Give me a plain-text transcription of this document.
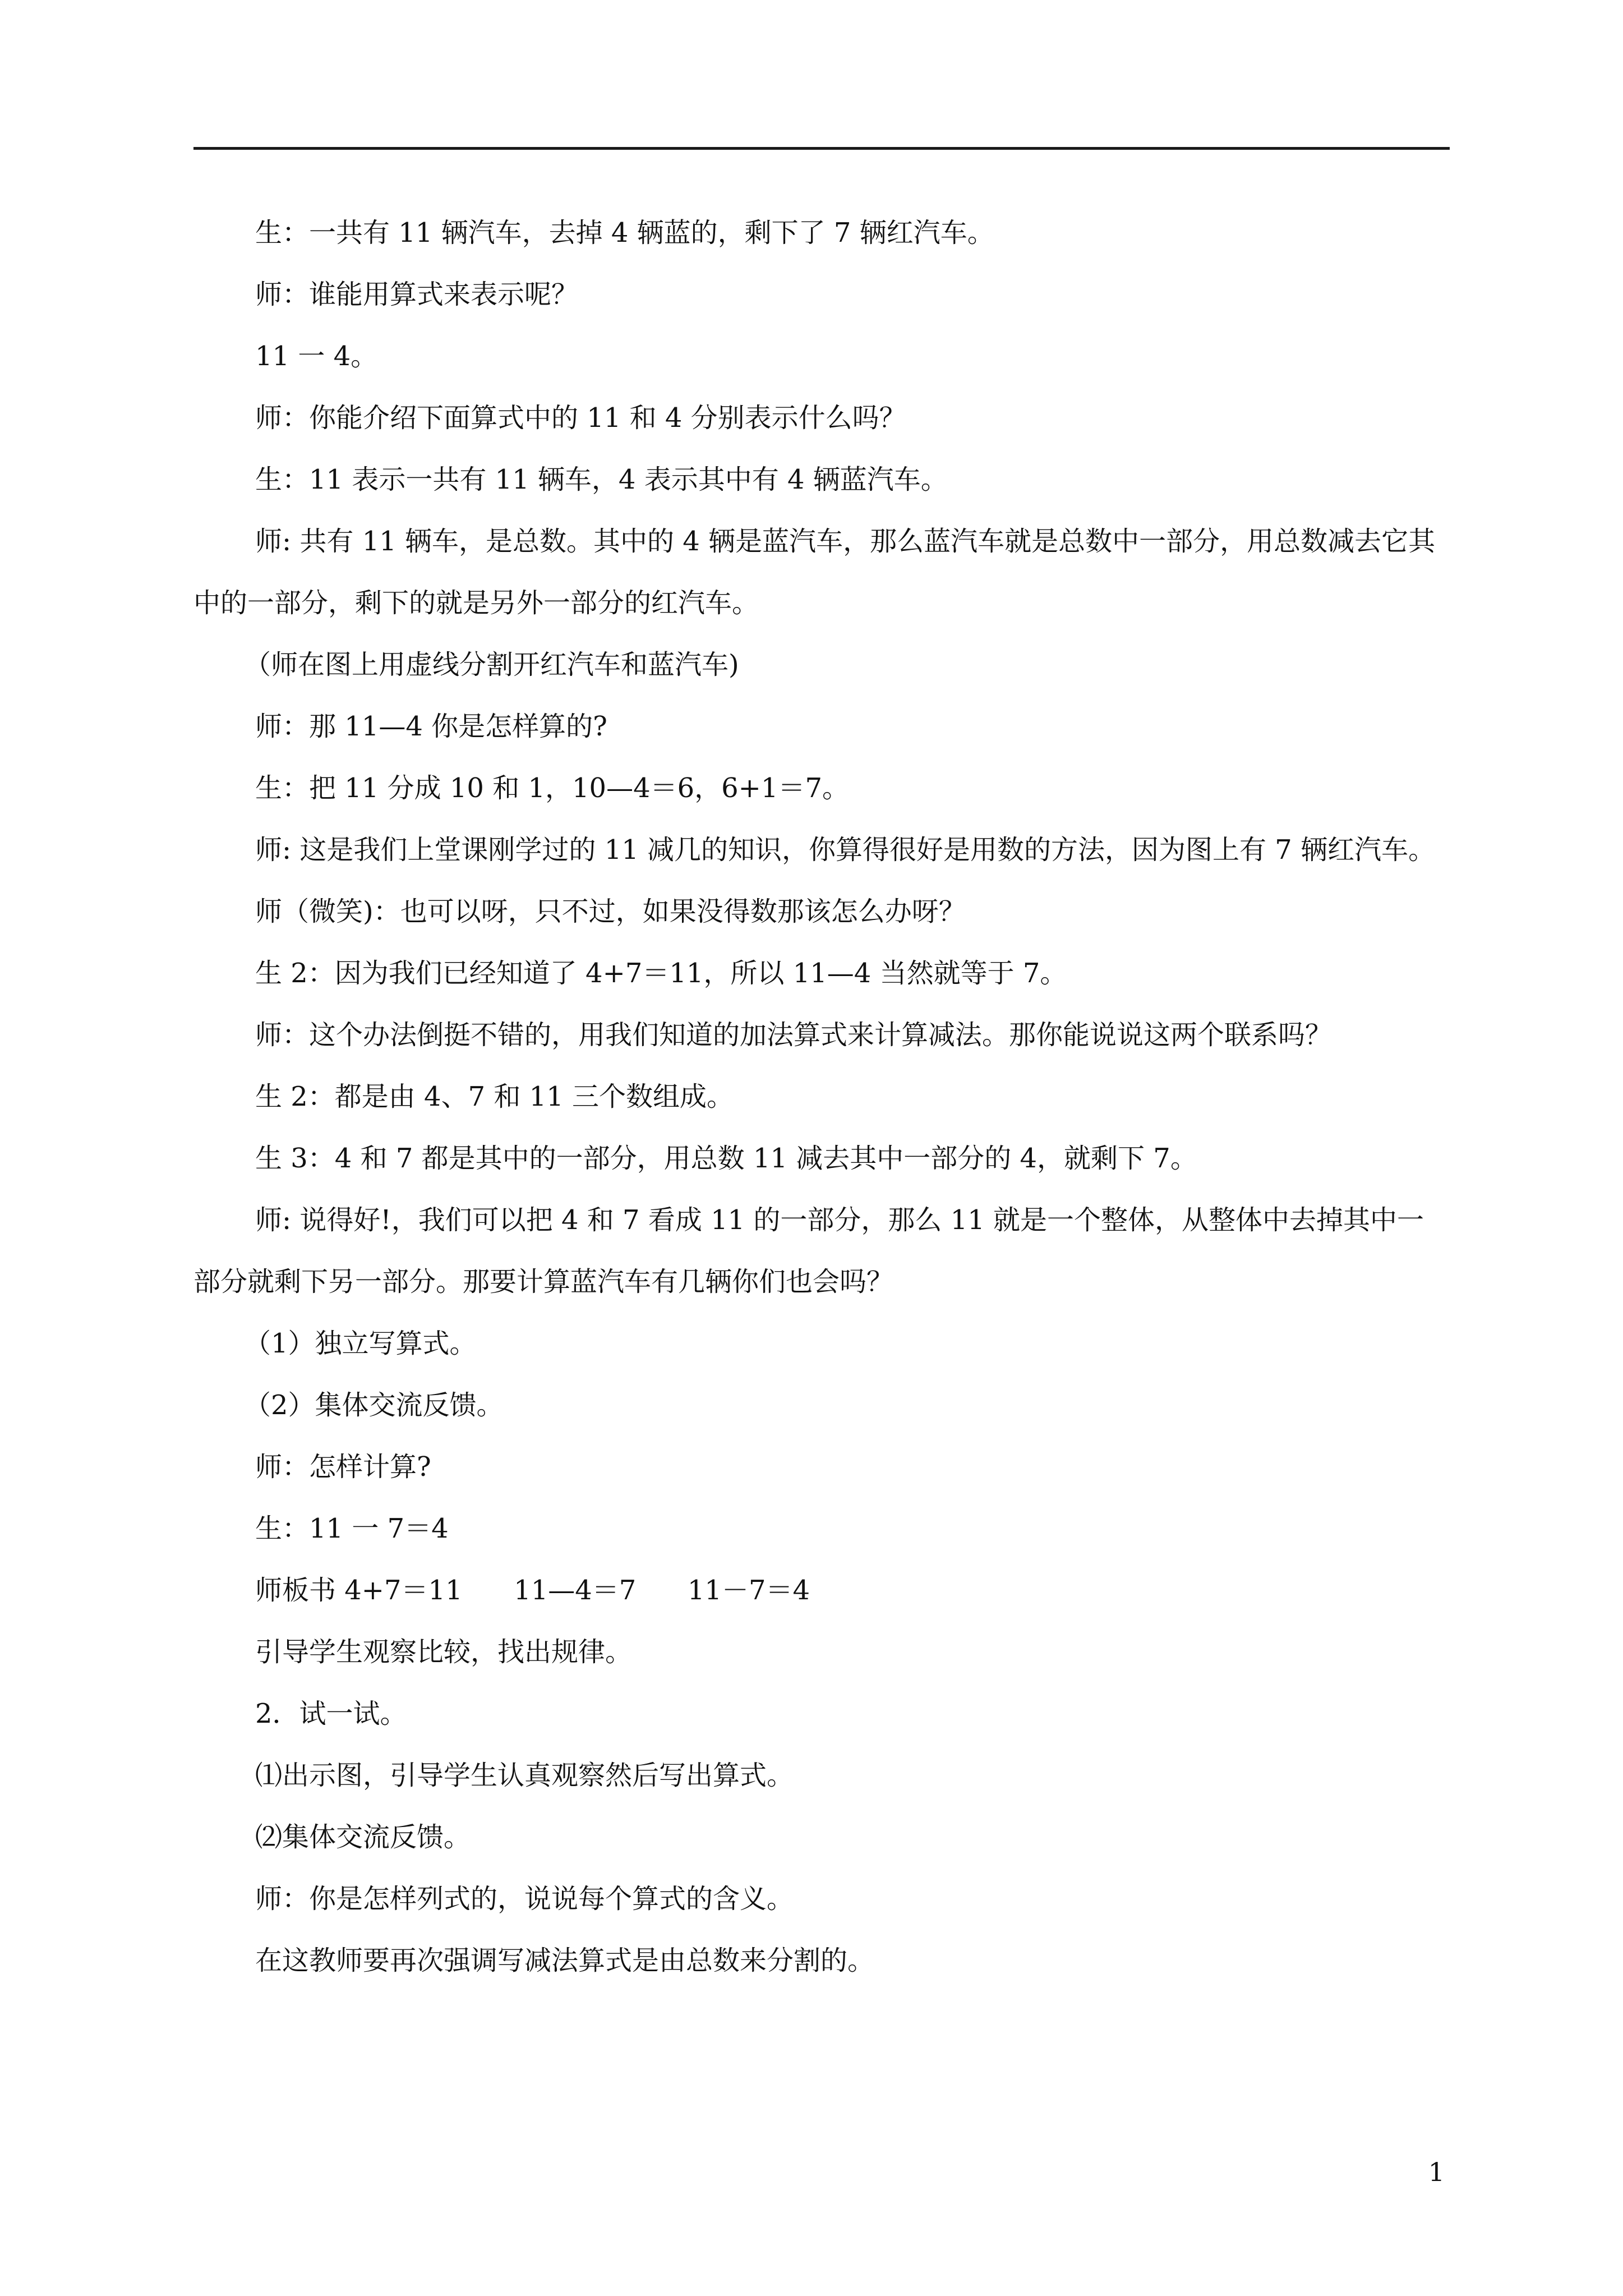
生：一共有 11 辆汽车，去掉 4 辆蓝的，剩下了 7 辆红汽车。

师：谁能用算式来表示呢？

11 一 4。

师：你能介绍下面算式中的 11 和 4 分别表示什么吗？

生：11 表示一共有 11 辆车，4 表示其中有 4 辆蓝汽车。

师: 共有 11 辆车，是总数。其中的 4 辆是蓝汽车，那么蓝汽车就是总数中一部分，用总数减去它其中的一部分，剩下的就是另外一部分的红汽车。

（师在图上用虚线分割开红汽车和蓝汽车)

师：那 11—4 你是怎样算的?

生：把 11 分成 10 和 1，10—4＝6，6+1＝7。

师: 这是我们上堂课刚学过的 11 减几的知识，你算得很好是用数的方法，因为图上有 7 辆红汽车。

师（微笑)：也可以呀，只不过，如果没得数那该怎么办呀？

生 2：因为我们已经知道了 4+7＝11，所以 11—4 当然就等于 7。

师：这个办法倒挺不错的，用我们知道的加法算式来计算减法。那你能说说这两个联系吗？

生 2：都是由 4、7 和 11 三个数组成。

生 3：4 和 7 都是其中的一部分，用总数 11 减去其中一部分的 4，就剩下 7。

师: 说得好!，我们可以把 4 和 7 看成 11 的一部分，那么 11 就是一个整体，从整体中去掉其中一部分就剩下另一部分。那要计算蓝汽车有几辆你们也会吗？

（1）独立写算式。

（2）集体交流反馈。

师：怎样计算?

生：11 一 7＝4

师板书 4+7＝11      11—4＝7      11－7＝4

引导学生观察比较，找出规律。

2．试一试。

⑴出示图，引导学生认真观察然后写出算式。

⑵集体交流反馈。

师：你是怎样列式的，说说每个算式的含义。

在这教师要再次强调写减法算式是由总数来分割的。

1
